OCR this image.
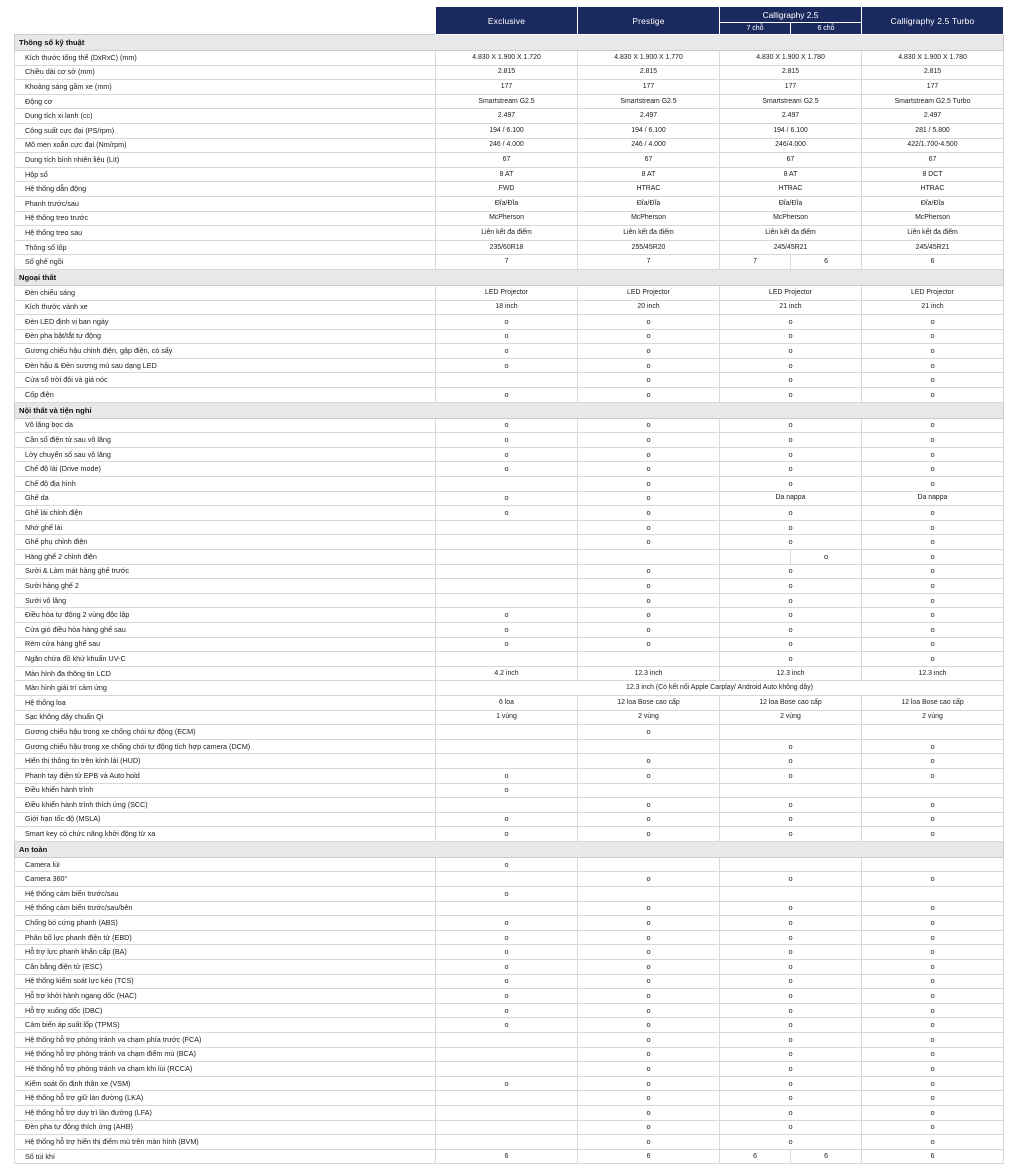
	Exclusive	Prestige	Calligraphy 2.5		Calligraphy 2.5 Turbo
			7 chỗ	6 chỗ	
Thông số kỹ thuật					
Kích thước tổng thể (DxRxC) (mm)	4.830 X 1.900 X 1.720	4.830 X 1.900 X 1.770	4.830 X 1.900 X 1.780		4.830 X 1.900 X 1.780
Chiều dài cơ sở (mm)	2.815	2.815	2.815		2.815
Khoảng sáng gầm xe (mm)	177	177	177		177
Động cơ	Smartstream G2.5	Smartstream G2.5	Smartstream G2.5		Smartstream G2.5 Turbo
Dung tích xi lanh (cc)	2.497	2.497	2.497		2.497
Công suất cực đại (PS/rpm)	194 / 6.100	194 / 6.100	194 / 6.100		281 / 5.800
Mô men xoắn cực đại (Nm/rpm)	246 / 4.000	246 / 4.000	246/4.000		422/1.700-4.500
Dung tích bình nhiên liệu (Lít)	67	67	67		67
Hộp số	8 AT	8 AT	8 AT		8 DCT
Hệ thống dẫn động	FWD	HTRAC	HTRAC		HTRAC
Phanh trước/sau	Đĩa/Đĩa	Đĩa/Đĩa	Đĩa/Đĩa		Đĩa/Đĩa
Hệ thống treo trước	McPherson	McPherson	McPherson		McPherson
Hệ thống treo sau	Liên kết đa điểm	Liên kết đa điểm	Liên kết đa điểm		Liên kết đa điểm
Thông số lốp	235/60R18	255/45R20	245/45R21		245/45R21
Số ghế ngồi	7	7	7	6	6
Ngoại thất					
Đèn chiếu sáng	LED Projector	LED Projector	LED Projector		LED Projector
Kích thước vành xe	18 inch	20 inch	21 inch		21 inch
Đèn LED định vị ban ngày	o	o	o		o
Đèn pha bật/tắt tự động	o	o	o		o
Gương chiếu hậu chỉnh điện, gập điện, có sấy	o	o	o		o
Đèn hậu & Đèn sương mù sau dạng LED	o	o	o		o
Cửa sổ trời đôi và giá nóc		o	o		o
Cốp điện	o	o	o		o
Nội thất và tiện nghi					
Vô lăng bọc da	o	o	o		o
Cần số điện tử sau vô lăng	o	o	o		o
Lờy chuyển số sau vô lăng	o	o	o		o
Chế độ lái (Drive mode)	o	o	o		o
Chế độ địa hình		o	o		o
Ghế da	o	o	Da nappa		Da nappa
Ghế lái chỉnh điện	o	o	o		o
Nhớ ghế lái		o	o		o
Ghế phụ chỉnh điện		o	o		o
Hàng ghế 2 chỉnh điện				o	o
Sưởi & Làm mát hàng ghế trước		o	o		o
Sưởi hàng ghế 2		o	o		o
Sưởi vô lăng		o	o		o
Điều hòa tự động 2 vùng độc lập	o	o	o		o
Cửa gió điều hòa hàng ghế sau	o	o	o		o
Rèm cửa hàng ghế sau	o	o	o		o
Ngăn chứa đồ khử khuẩn UV-C			o		o
Màn hình đa thông tin LCD	4.2 inch	12.3 inch	12.3 inch		12.3 inch
Màn hình giải trí cảm ứng	12.3 inch (Có kết nối Apple Carplay/ Android Auto không dây)				
Hệ thống loa	6 loa	12 loa Bose cao cấp	12 loa Bose cao cấp		12 loa Bose cao cấp
Sạc không dây chuẩn Qi	1 vùng	2 vùng	2 vùng		2 vùng
Gương chiếu hậu trong xe chống chói tự động (ECM)		o			
Gương chiếu hậu trong xe chống chói tự động tích hợp camera (DCM)			o		o
Hiển thị thông tin trên kính lái (HUD)		o	o		o
Phanh tay điện tử EPB và Auto hold	o	o	o		o
Điều khiển hành trình	o				
Điều khiển hành trình thích ứng (SCC)		o	o		o
Giới hạn tốc độ (MSLA)	o	o	o		o
Smart key có chức năng khởi động từ xa	o	o	o		o
An toàn					
Camera lùi	o				
Camera 360°		o	o		o
Hệ thống cảm biến trước/sau	o				
Hệ thống cảm biến trước/sau/bên		o	o		o
Chống bó cứng phanh (ABS)	o	o	o		o
Phân bố lực phanh điện tử (EBD)	o	o	o		o
Hỗ trợ lực phanh khẩn cấp (BA)	o	o	o		o
Cân bằng điện tử (ESC)	o	o	o		o
Hệ thống kiểm soát lực kéo (TCS)	o	o	o		o
Hỗ trợ khởi hành ngang dốc (HAC)	o	o	o		o
Hỗ trợ xuống dốc (DBC)	o	o	o		o
Cảm biến áp suất lốp (TPMS)	o	o	o		o
Hệ thống hỗ trợ phòng tránh va chạm phía trước (FCA)		o	o		o
Hệ thống hỗ trợ phòng tránh va chạm điểm mù (BCA)		o	o		o
Hệ thống hỗ trợ phòng tránh va chạm khi lùi (RCCA)		o	o		o
Kiểm soát ổn định thân xe (VSM)	o	o	o		o
Hệ thống hỗ trợ giữ làn đường (LKA)		o	o		o
Hệ thống hỗ trợ duy trì làn đường (LFA)		o	o		o
Đèn pha tự động thích ứng (AHB)		o	o		o
Hệ thống hỗ trợ hiển thị điểm mù trên màn hình (BVM)		o	o		o
Số túi khí	6	6	6	6	6
